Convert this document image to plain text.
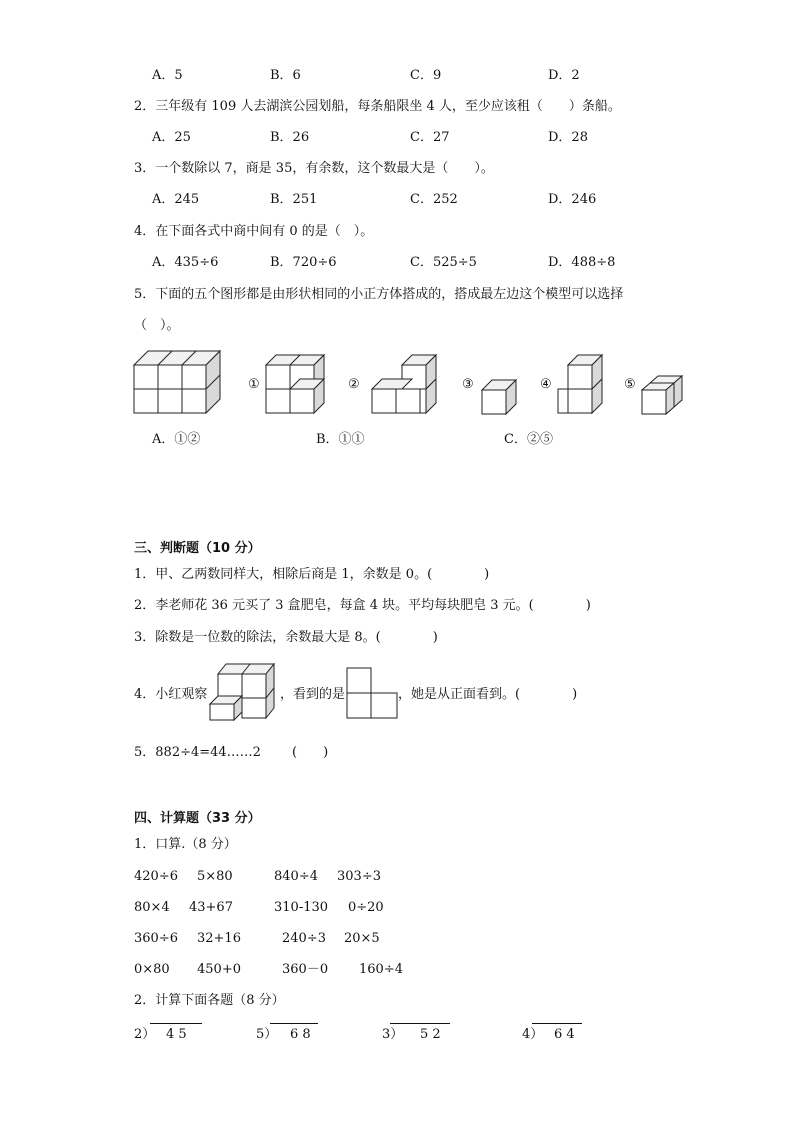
A．5	B．6	C．9	D．2
2．三年级有 109 人去湖滨公园划船，每条船限坐 4 人，至少应该租（　　）条船。
A．25	B．26	C．27	D．28
3．一个数除以 7，商是 35，有余数，这个数最大是（　　）。
A．245	B．251	C．252	D．246
4．在下面各式中商中间有 0 的是（　）。
A．435÷6	B．720÷6	C．525÷5	D．488÷8
5．下面的五个图形都是由形状相同的小正方体搭成的，搭成最左边这个模型可以选择
（　）。
①	②	③	④	⑤
A．①②	B．①①	C．②⑤
三、判断题（10 分）
1．甲、乙两数同样大，相除后商是 1，余数是 0。(　　　　)
2．李老师花 36 元买了 3 盒肥皂，每盒 4 块。平均每块肥皂 3 元。(　　　　)
3．除数是一位数的除法，余数最大是 8。(　　　　)
4．小红观察	，看到的是	，她是从正面看到。(　　　　)
5．882÷4=44……2 (　　)
四、计算题（33 分）
1．口算.（8 分）
420÷6 5×80	840÷4 303÷3
80×4 43+67	310-130 0÷20
360÷6 32+16	240÷3 20×5
0×80 450+0	360－0 160÷4
2．计算下面各题（8 分）
2） 4 5	5） 6 8	3） 5 2	4） 6 4
